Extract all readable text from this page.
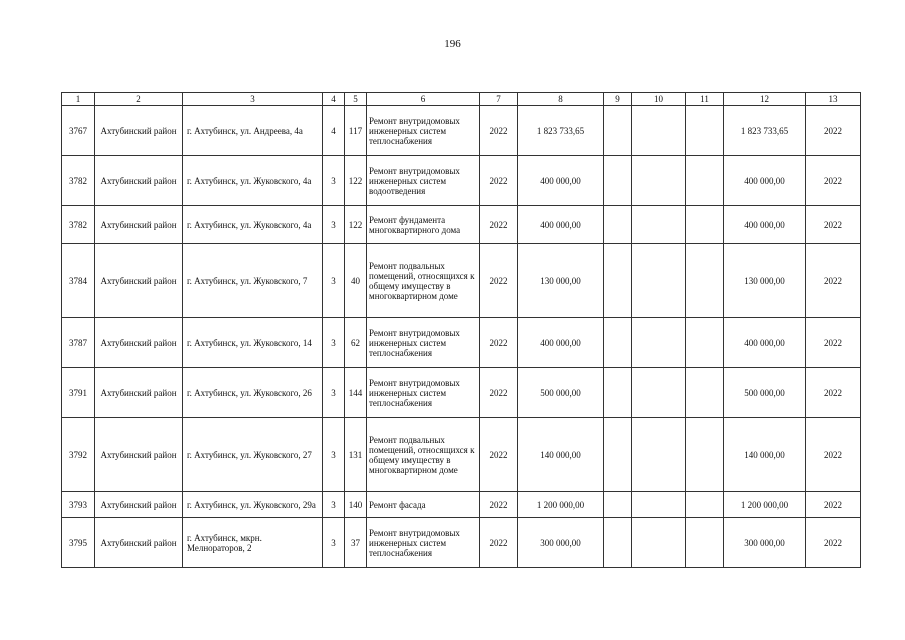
196
1	2	3	4	5	6	7	8	9	10	11	12	13
3767	Ахтубинский район	г. Ахтубинск, ул. Андреева, 4а	4	117	Ремонт внутридомовых инженерных систем теплоснабжения	2022	1 823 733,65				1 823 733,65	2022
3782	Ахтубинский район	г. Ахтубинск, ул. Жуковского, 4а	3	122	Ремонт внутридомовых инженерных систем водоотведения	2022	400 000,00				400 000,00	2022
3782	Ахтубинский район	г. Ахтубинск, ул. Жуковского, 4а	3	122	Ремонт фундамента многоквартирного дома	2022	400 000,00				400 000,00	2022
3784	Ахтубинский район	г. Ахтубинск, ул. Жуковского, 7	3	40	Ремонт подвальных помещений, относящихся к общему имуществу в многоквартирном доме	2022	130 000,00				130 000,00	2022
3787	Ахтубинский район	г. Ахтубинск, ул. Жуковского, 14	3	62	Ремонт внутридомовых инженерных систем теплоснабжения	2022	400 000,00				400 000,00	2022
3791	Ахтубинский район	г. Ахтубинск, ул. Жуковского, 26	3	144	Ремонт внутридомовых инженерных систем теплоснабжения	2022	500 000,00				500 000,00	2022
3792	Ахтубинский район	г. Ахтубинск, ул. Жуковского, 27	3	131	Ремонт подвальных помещений, относящихся к общему имуществу в многоквартирном доме	2022	140 000,00				140 000,00	2022
3793	Ахтубинский район	г. Ахтубинск, ул. Жуковского, 29а	3	140	Ремонт фасада	2022	1 200 000,00				1 200 000,00	2022
3795	Ахтубинский район	г. Ахтубинск, мкрн. Мелнораторов, 2	3	37	Ремонт внутридомовых инженерных систем теплоснабжения	2022	300 000,00				300 000,00	2022
